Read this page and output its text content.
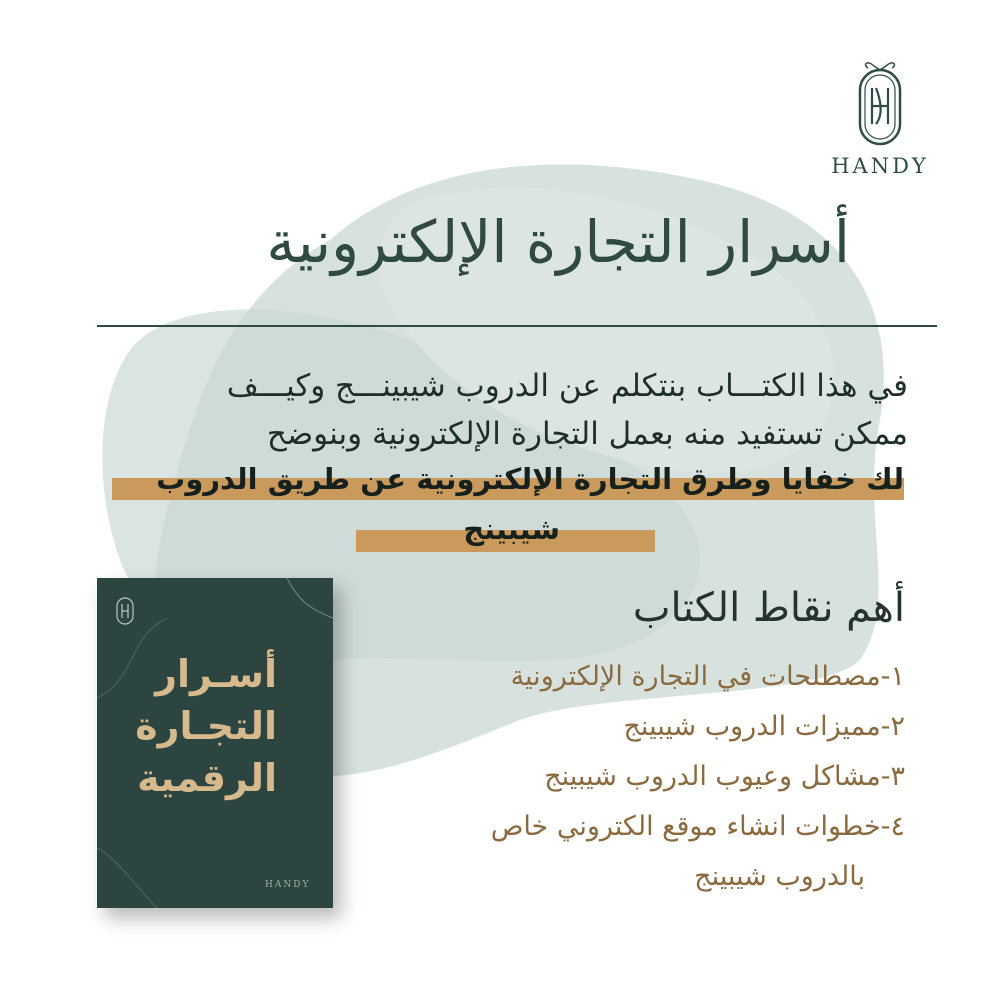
HANDY
أسرار التجارة الإلكترونية
في هذا الكتـــاب بنتكلم عن الدروب شيبينـــج وكيـــف
ممكن تستفيد منه بعمل التجارة الإلكترونية وبنوضح
لك خفايا وطرق التجارة الإلكترونية عن طريق الدروب
شيبينج
أسـرار
التجـارة
الرقمية
HANDY
أهم نقاط الكتاب
١-مصطلحات في التجارة الإلكترونية
٢-مميزات الدروب شيبينج
٣-مشاكل وعيوب الدروب شيبينج
٤-خطوات انشاء موقع الكتروني خاص
بالدروب شيبينج
